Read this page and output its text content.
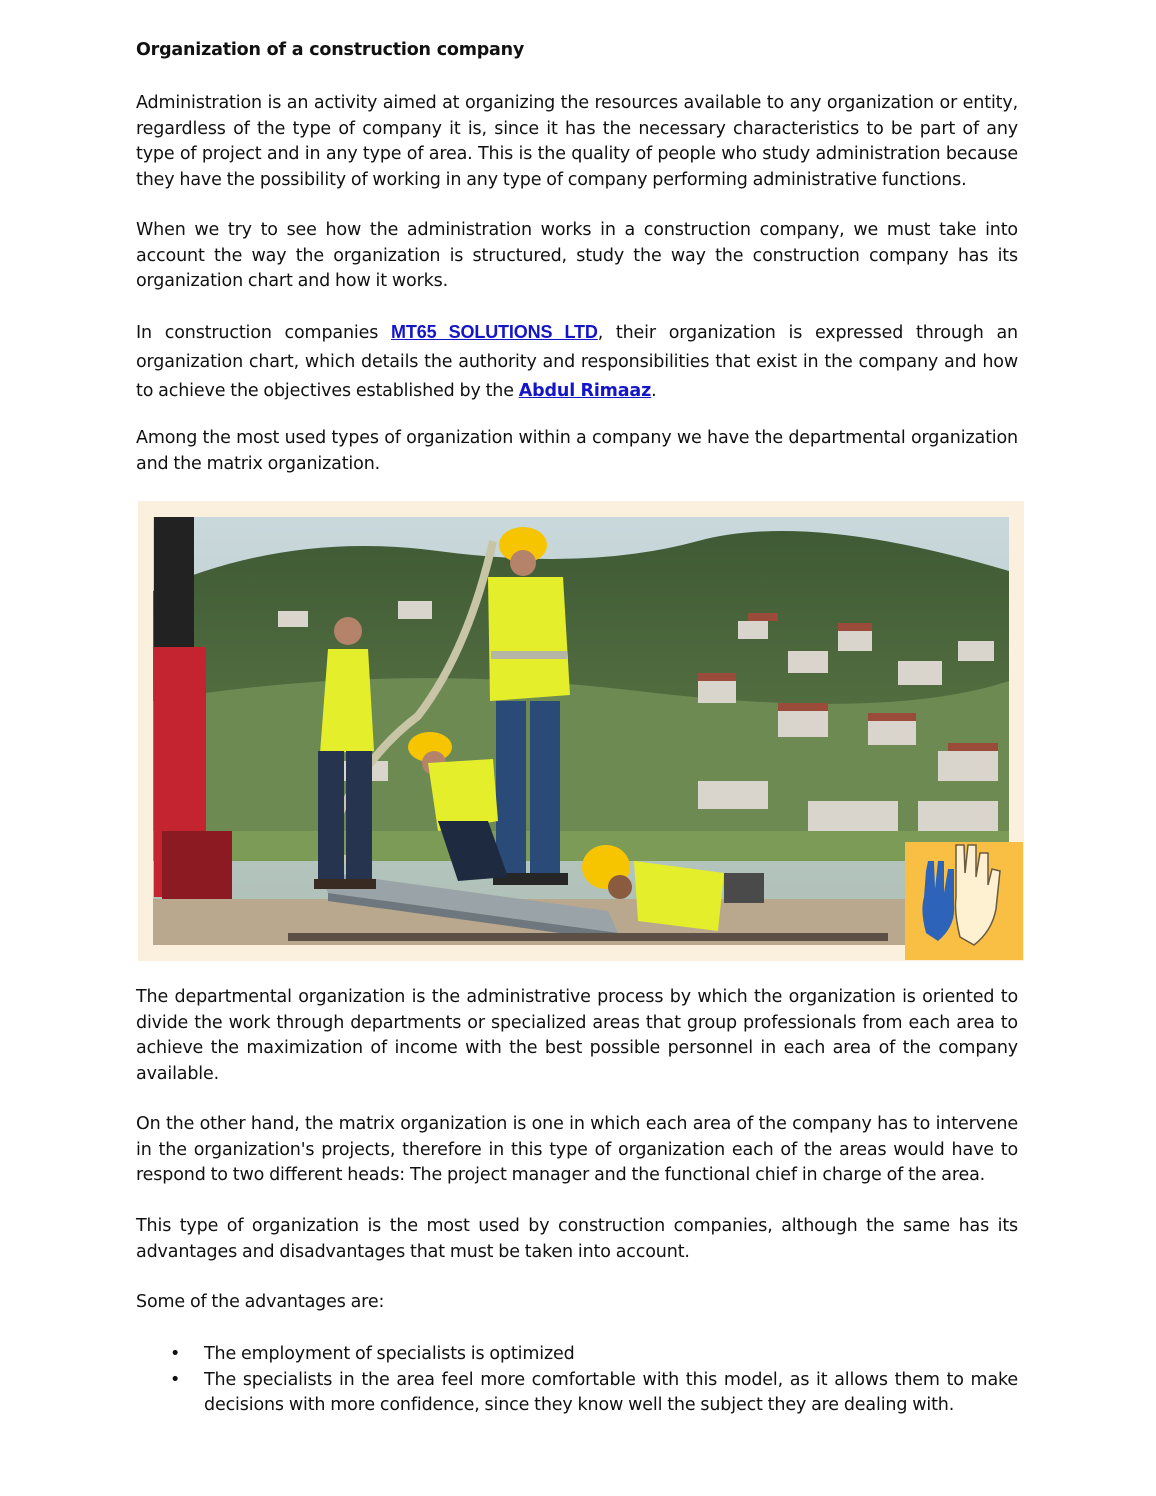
Organization of a construction company

Administration is an activity aimed at organizing the resources available to any organization or entity, regardless of the type of company it is, since it has the necessary characteristics to be part of any type of project and in any type of area. This is the quality of people who study administration because they have the possibility of working in any type of company performing administrative functions.

When we try to see how the administration works in a construction company, we must take into account the way the organization is structured, study the way the construction company has its organization chart and how it works.

In construction companies MT65 SOLUTIONS LTD, their organization is expressed through an organization chart, which details the authority and responsibilities that exist in the company and how to achieve the objectives established by the Abdul Rimaaz.

Among the most used types of organization within a company we have the departmental organization and the matrix organization.

The departmental organization is the administrative process by which the organization is oriented to divide the work through departments or specialized areas that group professionals from each area to achieve the maximization of income with the best possible personnel in each area of the company available.

On the other hand, the matrix organization is one in which each area of the company has to intervene in the organization's projects, therefore in this type of organization each of the areas would have to respond to two different heads: The project manager and the functional chief in charge of the area.

This type of organization is the most used by construction companies, although the same has its advantages and disadvantages that must be taken into account.

Some of the advantages are:

• The employment of specialists is optimized
• The specialists in the area feel more comfortable with this model, as it allows them to make decisions with more confidence, since they know well the subject they are dealing with.
